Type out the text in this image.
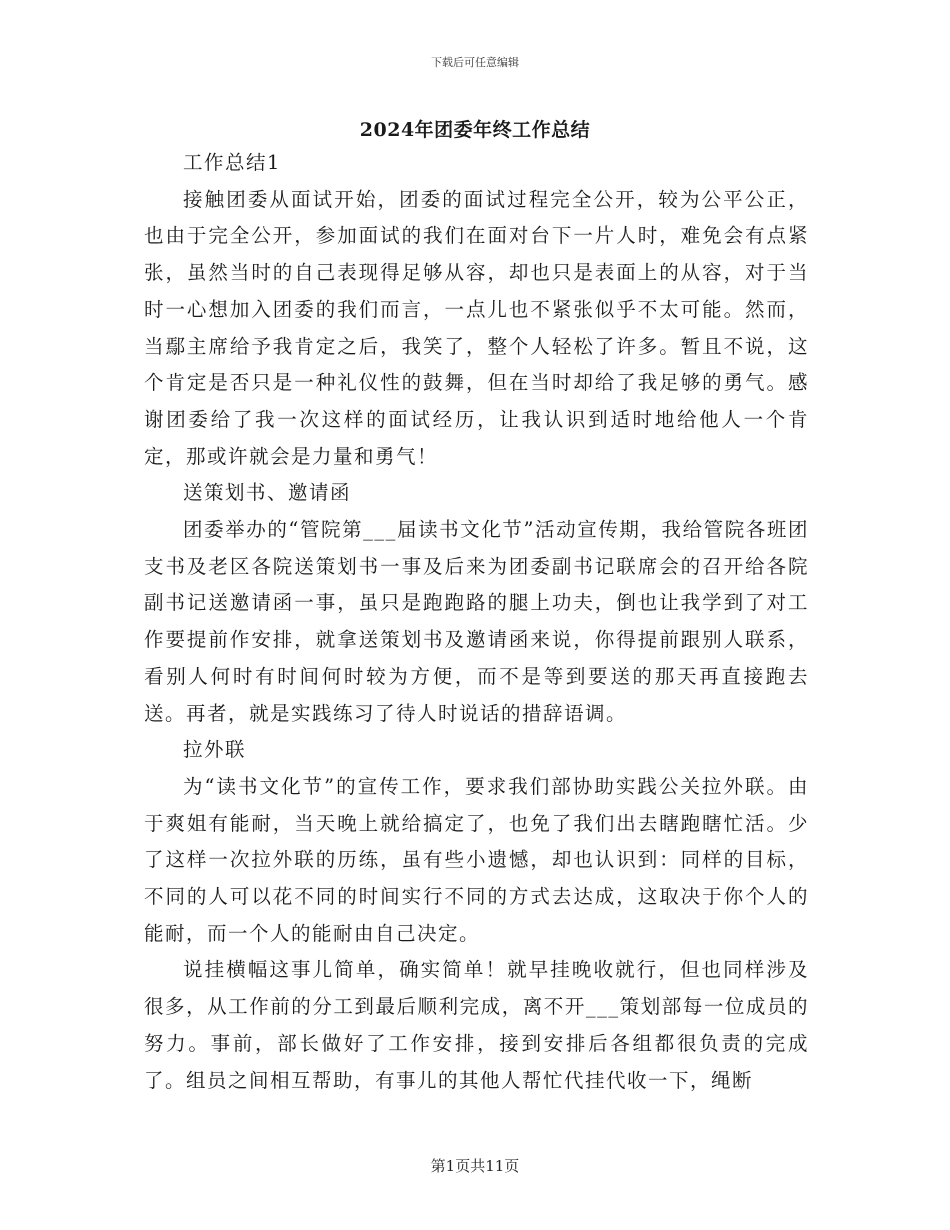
下载后可任意编辑
2024年团委年终工作总结

工作总结1

接触团委从面试开始，团委的面试过程完全公开，较为公平公正，也由于完全公开，参加面试的我们在面对台下一片人时，难免会有点紧张，虽然当时的自己表现得足够从容，却也只是表面上的从容，对于当时一心想加入团委的我们而言，一点儿也不紧张似乎不太可能。然而，当鄢主席给予我肯定之后，我笑了，整个人轻松了许多。暂且不说，这个肯定是否只是一种礼仪性的鼓舞，但在当时却给了我足够的勇气。感谢团委给了我一次这样的面试经历，让我认识到适时地给他人一个肯定，那或许就会是力量和勇气！

送策划书、邀请函

团委举办的“管院第___届读书文化节”活动宣传期，我给管院各班团支书及老区各院送策划书一事及后来为团委副书记联席会的召开给各院副书记送邀请函一事，虽只是跑跑路的腿上功夫，倒也让我学到了对工作要提前作安排，就拿送策划书及邀请函来说，你得提前跟别人联系，看别人何时有时间何时较为方便，而不是等到要送的那天再直接跑去送。再者，就是实践练习了待人时说话的措辞语调。

拉外联

为“读书文化节”的宣传工作，要求我们部协助实践公关拉外联。由于爽姐有能耐，当天晚上就给搞定了，也免了我们出去瞎跑瞎忙活。少了这样一次拉外联的历练，虽有些小遗憾，却也认识到：同样的目标，不同的人可以花不同的时间实行不同的方式去达成，这取决于你个人的能耐，而一个人的能耐由自己决定。

说挂横幅这事儿简单，确实简单！就早挂晚收就行，但也同样涉及很多，从工作前的分工到最后顺利完成，离不开___策划部每一位成员的努力。事前，部长做好了工作安排，接到安排后各组都很负责的完成了。组员之间相互帮助，有事儿的其他人帮忙代挂代收一下，绳断

第1页共11页
